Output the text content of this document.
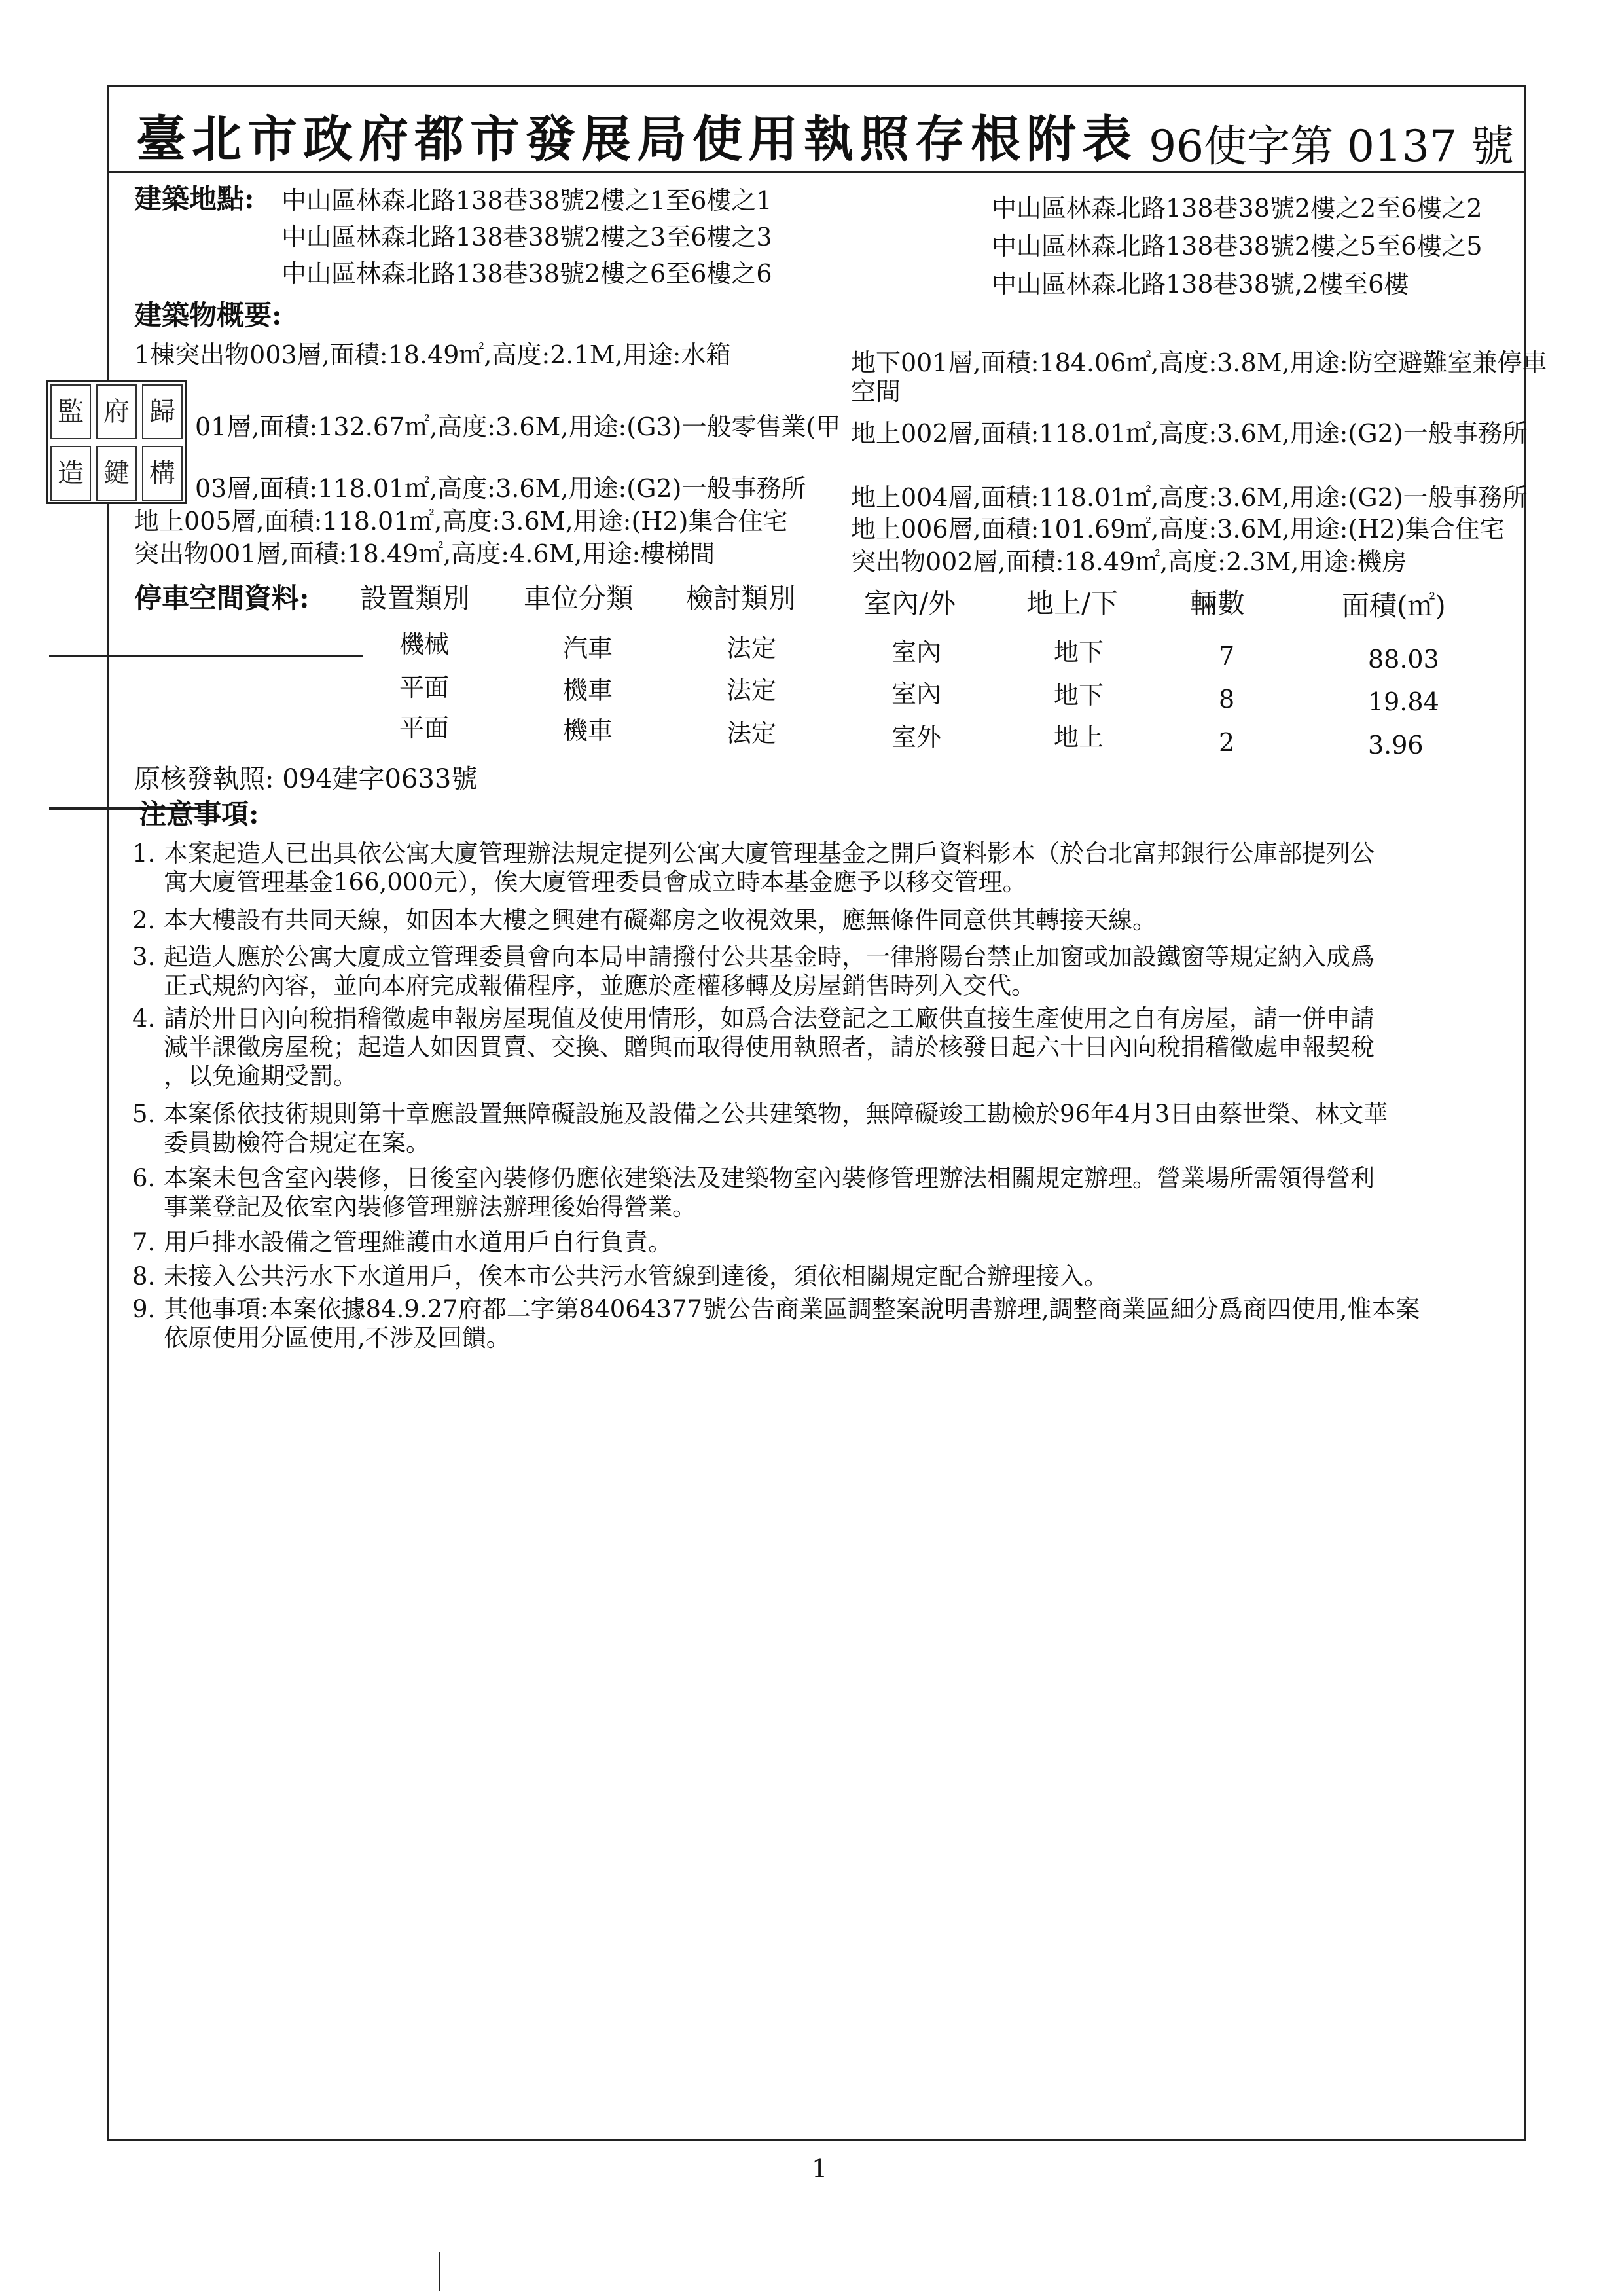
臺北市政府都市發展局使用執照存根附表 96使字第 0137 號
建築地點: 中山區林森北路138巷38號2樓之1至6樓之1	中山區林森北路138巷38號2樓之2至6樓之2
中山區林森北路138巷38號2樓之3至6樓之3	中山區林森北路138巷38號2樓之5至6樓之5
中山區林森北路138巷38號2樓之6至6樓之6	中山區林森北路138巷38號,2樓至6樓
建築物概要:
1棟突出物003層,面積:18.49㎡,高度:2.1M,用途:水箱	地下001層,面積:184.06㎡,高度:3.8M,用途:防空避難室兼停車
空間
01層,面積:132.67㎡,高度:3.6M,用途:(G3)一般零售業(甲 地上002層,面積:118.01㎡,高度:3.6M,用途:(G2)一般事務所
03層,面積:118.01㎡,高度:3.6M,用途:(G2)一般事務所 地上004層,面積:118.01㎡,高度:3.6M,用途:(G2)一般事務所
地上005層,面積:118.01㎡,高度:3.6M,用途:(H2)集合住宅	地上006層,面積:101.69㎡,高度:3.6M,用途:(H2)集合住宅
突出物001層,面積:18.49㎡,高度:4.6M,用途:樓梯間	突出物002層,面積:18.49㎡,高度:2.3M,用途:機房
監 府 歸
造 鍵 構
停車空間資料: 設置類別 車位分類 檢討類別 室內/外	地上/下	輛數	面積(㎡)
機械	汽車	法定	室內	地下	7	88.03
平面	機車	法定	室內	地下	8	19.84
平面	機車	法定	室外	地上	2	3.96
原核發執照: 094建字0633號
注意事項:
1. 本案起造人已出具依公寓大廈管理辦法規定提列公寓大廈管理基金之開戶資料影本（於台北富邦銀行公庫部提列公
寓大廈管理基金166,000元），俟大廈管理委員會成立時本基金應予以移交管理。
2. 本大樓設有共同天線，如因本大樓之興建有礙鄰房之收視效果，應無條件同意供其轉接天線。
3. 起造人應於公寓大廈成立管理委員會向本局申請撥付公共基金時，一律將陽台禁止加窗或加設鐵窗等規定納入成爲
正式規約內容，並向本府完成報備程序，並應於產權移轉及房屋銷售時列入交代。
4. 請於卅日內向稅捐稽徵處申報房屋現值及使用情形，如爲合法登記之工廠供直接生產使用之自有房屋，請一併申請
減半課徵房屋稅；起造人如因買賣、交換、贈與而取得使用執照者，請於核發日起六十日內向稅捐稽徵處申報契稅
，以免逾期受罰。
5. 本案係依技術規則第十章應設置無障礙設施及設備之公共建築物，無障礙竣工勘檢於96年4月3日由蔡世榮、林文華
委員勘檢符合規定在案。
6. 本案未包含室內裝修，日後室內裝修仍應依建築法及建築物室內裝修管理辦法相關規定辦理。營業場所需領得營利
事業登記及依室內裝修管理辦法辦理後始得營業。
7. 用戶排水設備之管理維護由水道用戶自行負責。
8. 未接入公共污水下水道用戶，俟本市公共污水管線到達後，須依相關規定配合辦理接入。
9. 其他事項:本案依據84.9.27府都二字第84064377號公告商業區調整案說明書辦理,調整商業區細分爲商四使用,惟本案
依原使用分區使用,不涉及回饋。
1
